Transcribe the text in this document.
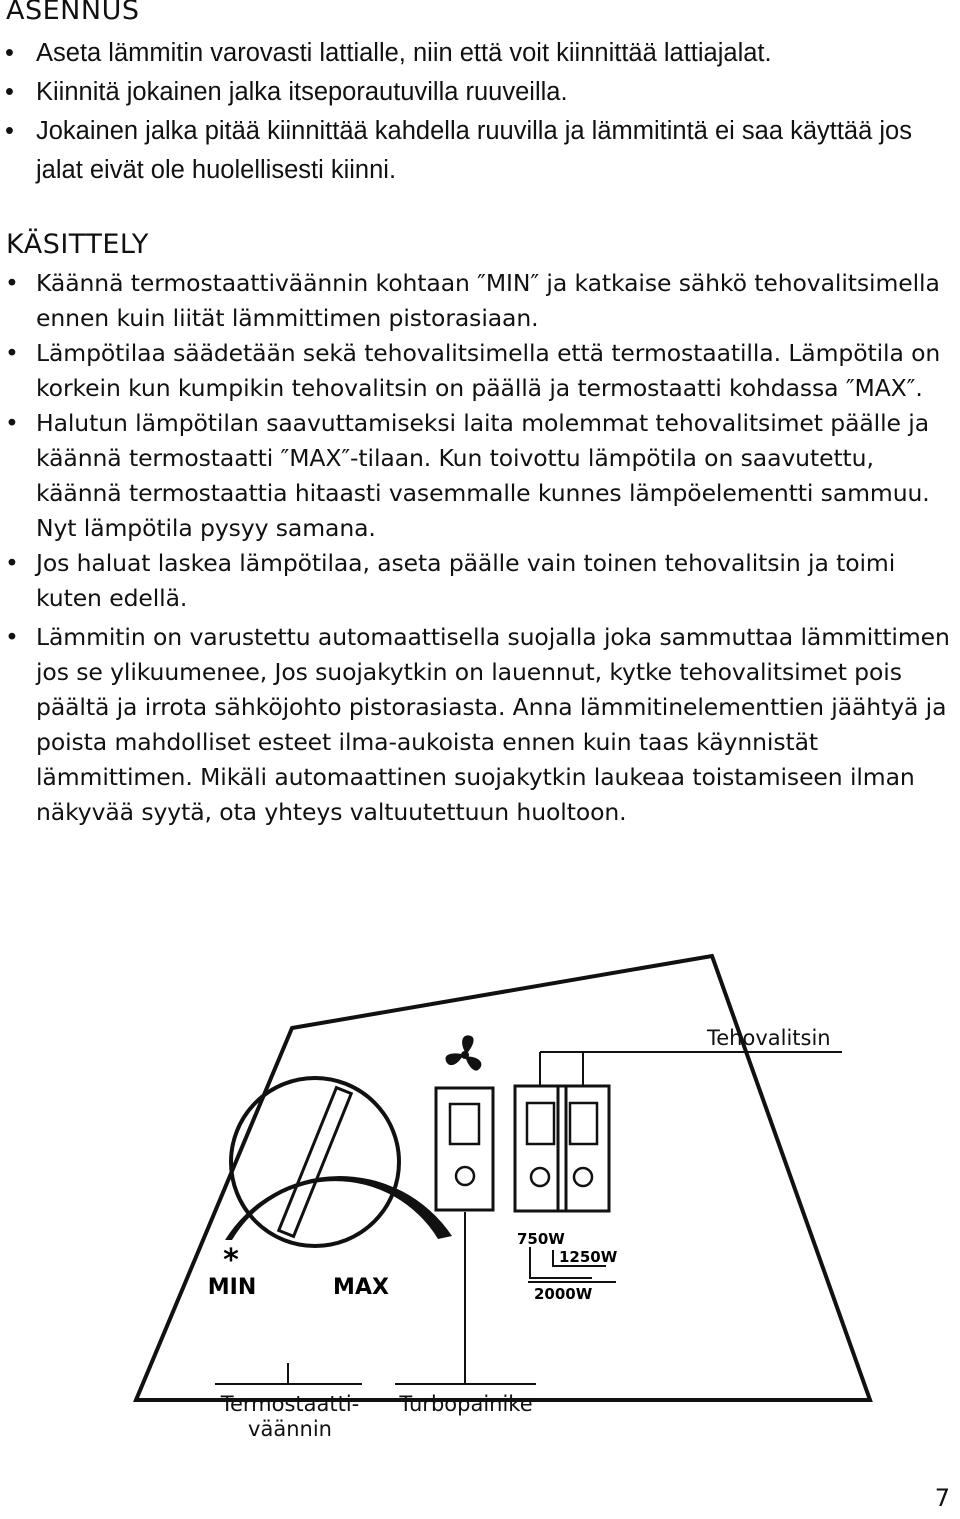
ASENNUS
• Aseta lämmitin varovasti lattialle, niin että voit kiinnittää lattiajalat.
• Kiinnitä jokainen jalka itseporautuvilla ruuveilla.
• Jokainen jalka pitää kiinnittää kahdella ruuvilla ja lämmitintä ei saa käyttää jos jalat eivät ole huolellisesti kiinni.
KÄSITTELY
• Käännä termostaattiväännin kohtaan ″MIN″ ja katkaise sähkö tehovalitsimella ennen kuin liität lämmittimen pistorasiaan.
• Lämpötilaa säädetään sekä tehovalitsimella että termostaatilla. Lämpötila on korkein kun kumpikin tehovalitsin on päällä ja termostaatti kohdassa ″MAX″.
• Halutun lämpötilan saavuttamiseksi laita molemmat tehovalitsimet päälle ja käännä termostaatti ″MAX″-tilaan. Kun toivottu lämpötila on saavutettu, käännä termostaattia hitaasti vasemmalle kunnes lämpöelementti sammuu. Nyt lämpötila pysyy samana.
• Jos haluat laskea lämpötilaa, aseta päälle vain toinen tehovalitsin ja toimi kuten edellä.
• Lämmitin on varustettu automaattisella suojalla joka sammuttaa lämmittimen jos se ylikuumenee, Jos suojakytkin on lauennut, kytke tehovalitsimet pois päältä ja irrota sähköjohto pistorasiasta. Anna lämmitinelementtien jäähtyä ja poista mahdolliset esteet ilma-aukoista ennen kuin taas käynnistät lämmittimen. Mikäli automaattinen suojakytkin laukeaa toistamiseen ilman näkyvää syytä, ota yhteys valtuutettuun huoltoon.
*
MIN	MAX
750W
1250W
2000W
Tehovalitsin
Termostaatti-
väännin
Turbopainike
7
